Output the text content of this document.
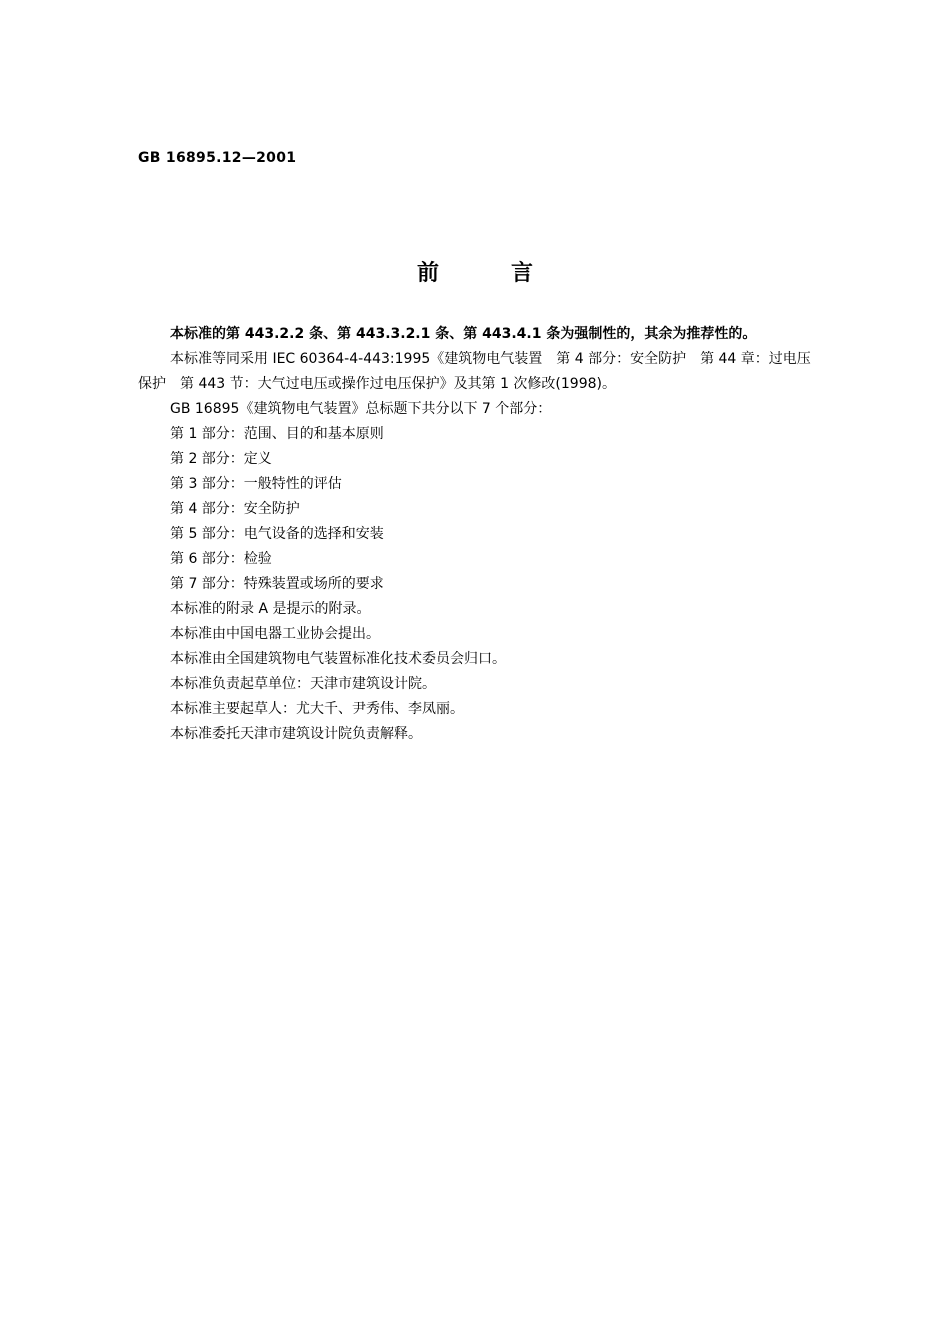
GB 16895.12—2001
前言

本标准的第 443.2.2 条、第 443.3.2.1 条、第 443.4.1 条为强制性的，其余为推荐性的。

本标准等同采用 IEC 60364-4-443:1995《建筑物电气装置　第 4 部分：安全防护　第 44 章：过电压
保护　第 443 节：大气过电压或操作过电压保护》及其第 1 次修改(1998)。

GB 16895《建筑物电气装置》总标题下共分以下 7 个部分：

第 1 部分：范围、目的和基本原则

第 2 部分：定义

第 3 部分：一般特性的评估

第 4 部分：安全防护

第 5 部分：电气设备的选择和安装

第 6 部分：检验

第 7 部分：特殊装置或场所的要求

本标准的附录 A 是提示的附录。

本标准由中国电器工业协会提出。

本标准由全国建筑物电气装置标准化技术委员会归口。

本标准负责起草单位：天津市建筑设计院。

本标准主要起草人：尤大千、尹秀伟、李凤丽。

本标准委托天津市建筑设计院负责解释。
